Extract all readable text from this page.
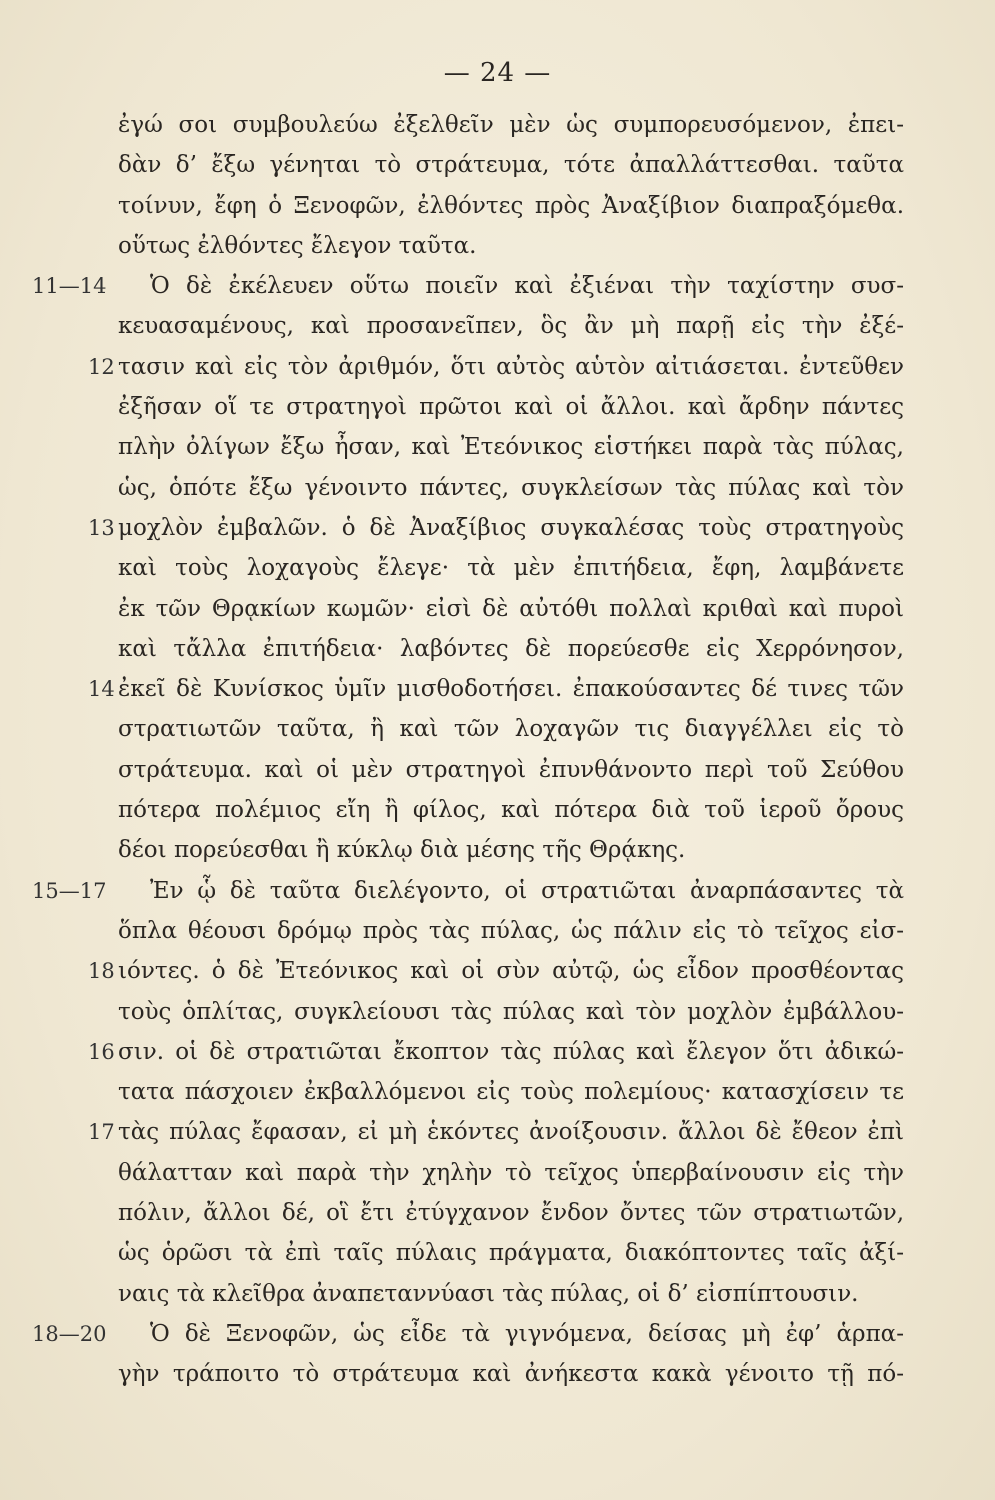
— 24 —
ἐγώ σοι συμβουλεύω ἐξελθεῖν μὲν ὡς συμπορευσόμενον, ἐπει-
δὰν δ’ ἔξω γένηται τὸ στράτευμα, τότε ἀπαλλάττεσθαι. ταῦτα
τοίνυν, ἔφη ὁ Ξενοφῶν, ἐλθόντες πρὸς Ἀναξίβιον διαπραξόμεθα.
οὕτως ἐλθόντες ἔλεγον ταῦτα.
11—14	Ὁ δὲ ἐκέλευεν οὕτω ποιεῖν καὶ ἐξιέναι τὴν ταχίστην συσ-
κευασαμένους, καὶ προσανεῖπεν, ὃς ἂν μὴ παρῇ εἰς τὴν ἐξέ-
12 τασιν καὶ εἰς τὸν ἀριθμόν, ὅτι αὐτὸς αὑτὸν αἰτιάσεται. ἐντεῦθεν
ἐξῆσαν οἵ τε στρατηγοὶ πρῶτοι καὶ οἱ ἄλλοι. καὶ ἄρδην πάντες
πλὴν ὀλίγων ἔξω ἦσαν, καὶ Ἐτεόνικος εἱστήκει παρὰ τὰς πύλας,
ὡς, ὁπότε ἔξω γένοιντο πάντες, συγκλείσων τὰς πύλας καὶ τὸν
13 μοχλὸν ἐμβαλῶν. ὁ δὲ Ἀναξίβιος συγκαλέσας τοὺς στρατηγοὺς
καὶ τοὺς λοχαγοὺς ἔλεγε· τὰ μὲν ἐπιτήδεια, ἔφη, λαμβάνετε
ἐκ τῶν Θρᾳκίων κωμῶν· εἰσὶ δὲ αὐτόθι πολλαὶ κριθαὶ καὶ πυροὶ
καὶ τἄλλα ἐπιτήδεια· λαβόντες δὲ πορεύεσθε εἰς Χερρόνησον,
14 ἐκεῖ δὲ Κυνίσκος ὑμῖν μισθοδοτήσει. ἐπακούσαντες δέ τινες τῶν
στρατιωτῶν ταῦτα, ἢ καὶ τῶν λοχαγῶν τις διαγγέλλει εἰς τὸ
στράτευμα. καὶ οἱ μὲν στρατηγοὶ ἐπυνθάνοντο περὶ τοῦ Σεύθου
πότερα πολέμιος εἴη ἢ φίλος, καὶ πότερα διὰ τοῦ ἱεροῦ ὄρους
δέοι πορεύεσθαι ἢ κύκλῳ διὰ μέσης τῆς Θρᾴκης.
15—17	Ἐν ᾧ δὲ ταῦτα διελέγοντο, οἱ στρατιῶται ἀναρπάσαντες τὰ
ὅπλα θέουσι δρόμῳ πρὸς τὰς πύλας, ὡς πάλιν εἰς τὸ τεῖχος εἰσ-
18 ιόντες. ὁ δὲ Ἐτεόνικος καὶ οἱ σὺν αὐτῷ, ὡς εἶδον προσθέοντας
τοὺς ὁπλίτας, συγκλείουσι τὰς πύλας καὶ τὸν μοχλὸν ἐμβάλλου-
16 σιν. οἱ δὲ στρατιῶται ἔκοπτον τὰς πύλας καὶ ἔλεγον ὅτι ἀδικώ-
τατα πάσχοιεν ἐκβαλλόμενοι εἰς τοὺς πολεμίους· κατασχίσειν τε
17 τὰς πύλας ἔφασαν, εἰ μὴ ἑκόντες ἀνοίξουσιν. ἄλλοι δὲ ἔθεον ἐπὶ
θάλατταν καὶ παρὰ τὴν χηλὴν τὸ τεῖχος ὑπερβαίνουσιν εἰς τὴν
πόλιν, ἄλλοι δέ, οἳ ἔτι ἐτύγχανον ἔνδον ὄντες τῶν στρατιωτῶν,
ὡς ὁρῶσι τὰ ἐπὶ ταῖς πύλαις πράγματα, διακόπτοντες ταῖς ἀξί-
ναις τὰ κλεῖθρα ἀναπεταννύασι τὰς πύλας, οἱ δ’ εἰσπίπτουσιν.
18—20	Ὁ δὲ Ξενοφῶν, ὡς εἶδε τὰ γιγνόμενα, δείσας μὴ ἐφ’ ἁρπα-
γὴν τράποιτο τὸ στράτευμα καὶ ἀνήκεστα κακὰ γένοιτο τῇ πό-
